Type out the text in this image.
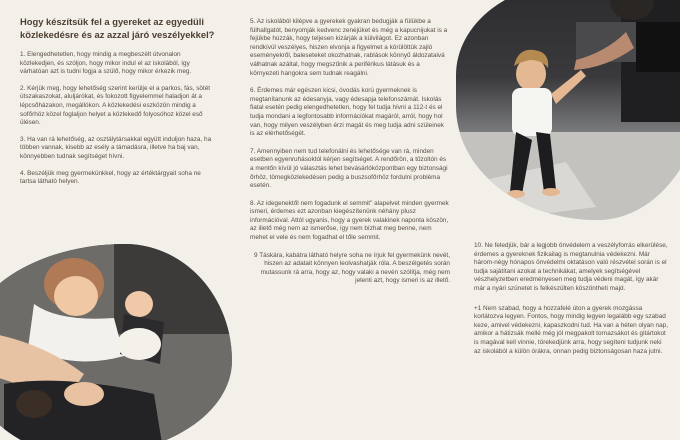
Hogy készítsük fel a gyereket az egyedüli közlekedésre és az azzal járó veszélyekkel?
1. Elengedhetetlen, hogy mindig a megbeszélt útvonalon közlekedjen, és szóljon, hogy mikor indul el az iskolából, így várhatóan azt is tudni fogja a szülő, hogy mikor érkezik meg.
2. Kérjük meg, hogy lehetőség szerint kerülje el a parkos, fás, sötét útszakaszokat, aluljárókat, és fokozott figyelemmel haladjon át a lépcsőházakon, megállókon. A közlekedési eszközön mindig a sofőrhöz közel foglaljon helyet a közlekedő folyosóhoz közel eső ülésen.
3. Ha van rá lehetőség, az osztálytársakkal együtt induljon haza, ha többen vannak, kisebb az esély a támadásra, illetve ha baj van, könnyebben tudnak segítséget hívni.
4. Beszéljük meg gyermekünkkel, hogy az értéktárgyait soha ne tartsa látható helyen.
5. Az iskolából kilépve a gyerekek gyakran bedugják a fülükbe a fülhallgatót, benyomják kedvenc zenéjüket és még a kapucnijukat is a fejükbe húzzák, hogy teljesen kizárják a külvilágot. Ez azonban rendkívül veszélyes, hiszen elvonja a figyelmet a körülöttük zajló eseményekről, baleseteket okozhatnak, rablások könnyű áldozataivá válhatnak azáltal, hogy megszűnik a periférikus látásuk és a környezeti hangokra sem tudnak reagálni.
6. Érdemes már egészen kicsi, óvodás korú gyermeknek is megtanítanunk az édesanyja, vagy édesapja telefonszámát. Iskolás fiatal esetén pedig elengedhetetlen, hogy fel tudja hívni a 112-t és el tudja mondani a legfontosabb információkat magáról, arról, hogy hol van, hogy milyen veszélyben érzi magát és meg tudja adni szüleinek is az elérhetőségét.
7. Amennyiben nem tud telefonálni és lehetősége van rá, minden esetben egyenruhásoktól kérjen segítséget. A rendőrön, a tűzoltón és a mentőn kívül jó választás lehet bevásárlóközpontban egy biztonsági őrhöz, tömegközlekedésen pedig a buszsofőrhöz fordulni probléma esetén.
8. Az idegenektől nem fogadunk el semmit" alapelvet minden gyermek ismeri, érdemes ezt azonban kiegészítenünk néhány plusz információval. Attól ugyanis, hogy a gyerek valakinek naponta köszön, az illető még nem az ismerőse, így nem bízhat meg benne, nem mehet el vele és nem fogadhat el tőle semmit.
9 Táskára, kabátra látható helyre soha ne írjuk fel gyermekünk nevét, hiszen az adatait könnyen leolvashatják róla. A beszélgetés során mutassunk rá arra, hogy az, hogy valaki a nevén szólítja, még nem jelenti azt, hogy ismeri is az illető.
10. Ne feledjük, bár a legjobb önvédelem a veszélyforrás elkerülése, érdemes a gyereknek fizikailag is megtanulnia védekezni. Már három-négy hónapos önvédelmi oktatáson való részvétel során is el tudja sajátítani azokat a technikákat, amelyek segítségével vészhelyzetben eredményesen meg tudja védeni magát, így akár már a nyári szünetet is felkészülten köszöntheti majd.
+1 Nem szabad, hogy a hozzafelé úton a gyerek mozgássa korlátozva legyen. Fontos, hogy mindig legyen legalább egy szabad keze, amivel védekezni, kapaszkodni tud. Ha van a héten olyan nap, amikor a hátizsák mellé még jól megpakolt tornazsákot és gitártokot is magával kell vinnie, törekedjünk arra, hogy segíteni tudjunk neki az iskolából a külön órákra, onnan pedig biztonságosan haza jutni.
